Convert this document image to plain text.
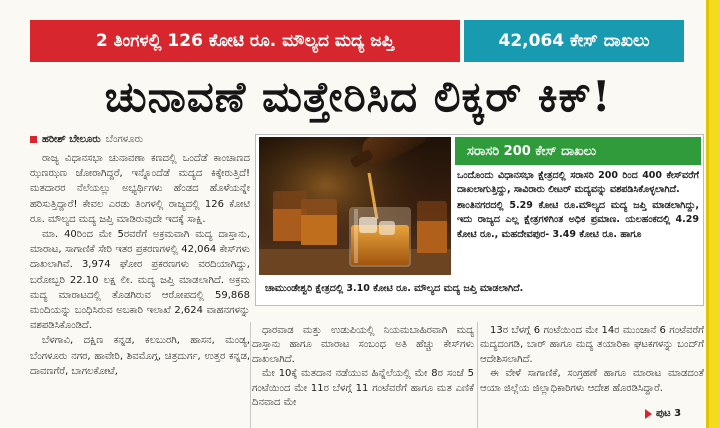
2 ತಿಂಗಳಲ್ಲಿ 126 ಕೋಟಿ ರೂ. ಮೌಲ್ಯದ ಮದ್ಯ ಜಪ್ತಿ	42,064 ಕೇಸ್ ದಾಖಲು
ಚುನಾವಣೆ ಮತ್ತೇರಿಸಿದ ಲಿಕ್ಕರ್ ಕಿಕ್!
ಹರೀಶ್ ಬೇಲೂರು ಬೆಂಗಳೂರು

ರಾಜ್ಯ ವಿಧಾನಸಭಾ ಚುನಾವಣಾ ಕಣದಲ್ಲಿ ಒಂದೆಡೆ ಕಾಂಚಾಣದ ಝಣಝಣ ಜೋರಾಗಿದ್ದರೆ, ಇನ್ನೊಂದೆಡೆ ಮದ್ಯದ ಕಿಕ್ಕೇರುತ್ತಿದೆ! ಮತದಾರರ ನೆಲೆಯಲ್ಲು ಅಭ್ಯರ್ಥಿಗಳು ಹೆಂಡದ ಹೊಳೆಯನ್ನೇ ಹರಿಸುತ್ತಿದ್ದಾರೆ! ಕೇವಲ ಎರಡು ತಿಂಗಳಲ್ಲಿ ರಾಜ್ಯದಲ್ಲಿ 126 ಕೋಟಿ ರೂ. ಮೌಲ್ಯದ ಮದ್ಯ ಜಪ್ತಿ ಮಾಡಿರುವುದೇ ಇದಕ್ಕೆ ಸಾಕ್ಷಿ.

ಮಾ. 40ರಿಂದ ಮೇ 5ರವರೆಗೆ ಅಕ್ರಮವಾಗಿ ಮದ್ಯ ದಾಸ್ತಾನು, ಮಾರಾಟ, ಸಾಗಾಣಿಕೆ ಸೇರಿ ಇತರ ಪ್ರಕರಣಗಳಲ್ಲಿ 42,064 ಕೇಸ್‌ಗಳು ದಾಖಲಾಗಿವೆ. 3,974 ಘೋರ ಪ್ರಕರಣಗಳು ವರದಿಯಾಗಿದ್ದು, ಬರೋಬ್ಬರಿ 22.10 ಲಕ್ಷ ಲೀ. ಮದ್ಯ ಜಪ್ತಿ ಮಾಡಲಾಗಿದೆ. ಅಕ್ರಮ ಮದ್ಯ ಮಾರಾಟದಲ್ಲಿ ತೊಡಗಿರುವ ಆರೋಪದಲ್ಲಿ 59,868 ಮಂದಿಯನ್ನು ಬಂಧಿಸಿರುವ ಅಬಕಾರಿ ಇಲಾಖೆ 2,624 ವಾಹನಗಳನ್ನು ವಶಪಡಿಸಿಕೊಂಡಿದೆ.

ಬೆಳಗಾವಿ, ದಕ್ಷಿಣ ಕನ್ನಡ, ಕಲಬುರಗಿ, ಹಾಸನ, ಮಂಡ್ಯ, ಬೆಂಗಳೂರು ನಗರ, ಹಾವೇರಿ, ಶಿವಮೊಗ್ಗ, ಚಿತ್ರದುರ್ಗ, ಉತ್ತರ ಕನ್ನಡ, ದಾವಣಗೆರೆ, ಬಾಗಲಕೋಟೆ,

ಸರಾಸರಿ 200 ಕೇಸ್ ದಾಖಲು

ಒಂದೊಂದು ವಿಧಾನಸಭಾ ಕ್ಷೇತ್ರದಲ್ಲಿ ಸರಾಸರಿ 200 ರಿಂದ 400 ಕೇಸ್‌ವರೆಗೆ ದಾಖಲಾಗುತ್ತಿದ್ದು, ಸಾವಿರಾರು ಲೀಟರ್ ಮದ್ಯವನ್ನು ವಶಪಡಿಸಿಕೊಳ್ಳಲಾಗಿದೆ.

ಶಾಂತಿನಗರದಲ್ಲಿ 5.29 ಕೋಟಿ ರೂ.ಮೌಲ್ಯದ ಮದ್ಯ ಜಪ್ತಿ ಮಾಡಲಾಗಿದ್ದು, ಇದು ರಾಜ್ಯದ ಎಲ್ಲ ಕ್ಷೇತ್ರಗಳಿಗಿಂತ ಅಧಿಕ ಪ್ರಮಾಣ. ಯಲಹಂಕದಲ್ಲಿ 4.29 ಕೋಟಿ ರೂ., ಮಹದೇವಪುರ- 3.49 ಕೋಟಿ ರೂ. ಹಾಗೂ

ಚಾಮುಂಡೇಶ್ವರಿ ಕ್ಷೇತ್ರದಲ್ಲಿ 3.10 ಕೋಟಿ ರೂ. ಮೌಲ್ಯದ ಮದ್ಯ ಜಪ್ತಿ ಮಾಡಲಾಗಿದೆ.

ಧಾರವಾಡ ಮತ್ತು ಉಡುಪಿಯಲ್ಲಿ ನಿಯಮಬಾಹಿರವಾಗಿ ಮದ್ಯ ದಾಸ್ತಾನು ಹಾಗೂ ಮಾರಾಟ ಸಂಬಂಧ ಅತಿ ಹೆಚ್ಚು ಕೇಸ್‌ಗಳು ದಾಖಲಾಗಿದೆ.

ಮೇ 10ಕ್ಕೆ ಮತದಾನ ನಡೆಯುವ ಹಿನ್ನೆಲೆಯಲ್ಲಿ ಮೇ 8ರ ಸಂಜೆ 5 ಗಂಟೆಯಿಂದ ಮೇ 11ರ ಬೆಳಗ್ಗೆ 11 ಗಂಟೆವರೆಗೆ ಹಾಗೂ ಮತ ಎಣಿಕೆ ದಿನವಾದ ಮೇ

13ರ ಬೆಳಗ್ಗೆ 6 ಗಂಟೆಯಿಂದ ಮೇ 14ರ ಮುಂಜಾನೆ 6 ಗಂಟೆವರೆಗೆ ಮದ್ಯದಂಗಡಿ, ಬಾರ್ ಹಾಗೂ ಮದ್ಯ ತಯಾರಿಕಾ ಘಟಕಗಳನ್ನು ಬಂದ್‌ಗೆ ಆದೇಶಿಸಲಾಗಿದೆ.

ಈ ವೇಳೆ ಸಾಗಾಣಿಕೆ, ಸಂಗ್ರಹಣೆ ಹಾಗೂ ಮಾರಾಟ ಮಾಡದಂತೆ ಆಯಾ ಜಿಲ್ಲೆಯ ಜಿಲ್ಲಾಧಿಕಾರಿಗಳು ಆದೇಶ ಹೊರಡಿಸಿದ್ದಾರೆ.

ಪುಟ 3
